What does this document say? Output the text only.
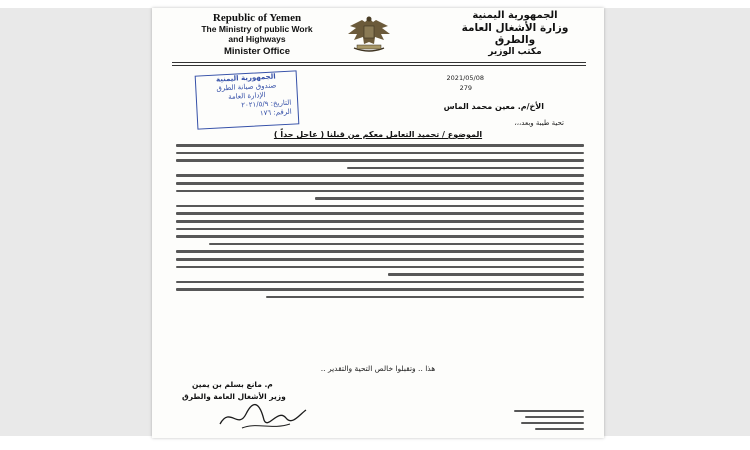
Republic of Yemen
The Ministry of public Work
and Highways
Minister Office
الجمهورية اليمنية
وزارة الأشغال العامة والطرق
مكتب الوزير
الجمهورية اليمنية
صندوق صيانة الطرق
الإدارة العامة
التاريخ: ٢٠٢١/٥/٩
الرقم: ١٧٦
2021/05/08
279
الأخ/م. معين محمد الماس
تحية طيبة وبعد،،،
الموضوع / تجميد التعامل معكم من قبلنا ( عاجل جداً )
هذا .. وتقبلوا خالص التحية والتقدير ..
م. مانع بسلم بن يمين
وزير الأشغال العامة والطرق
